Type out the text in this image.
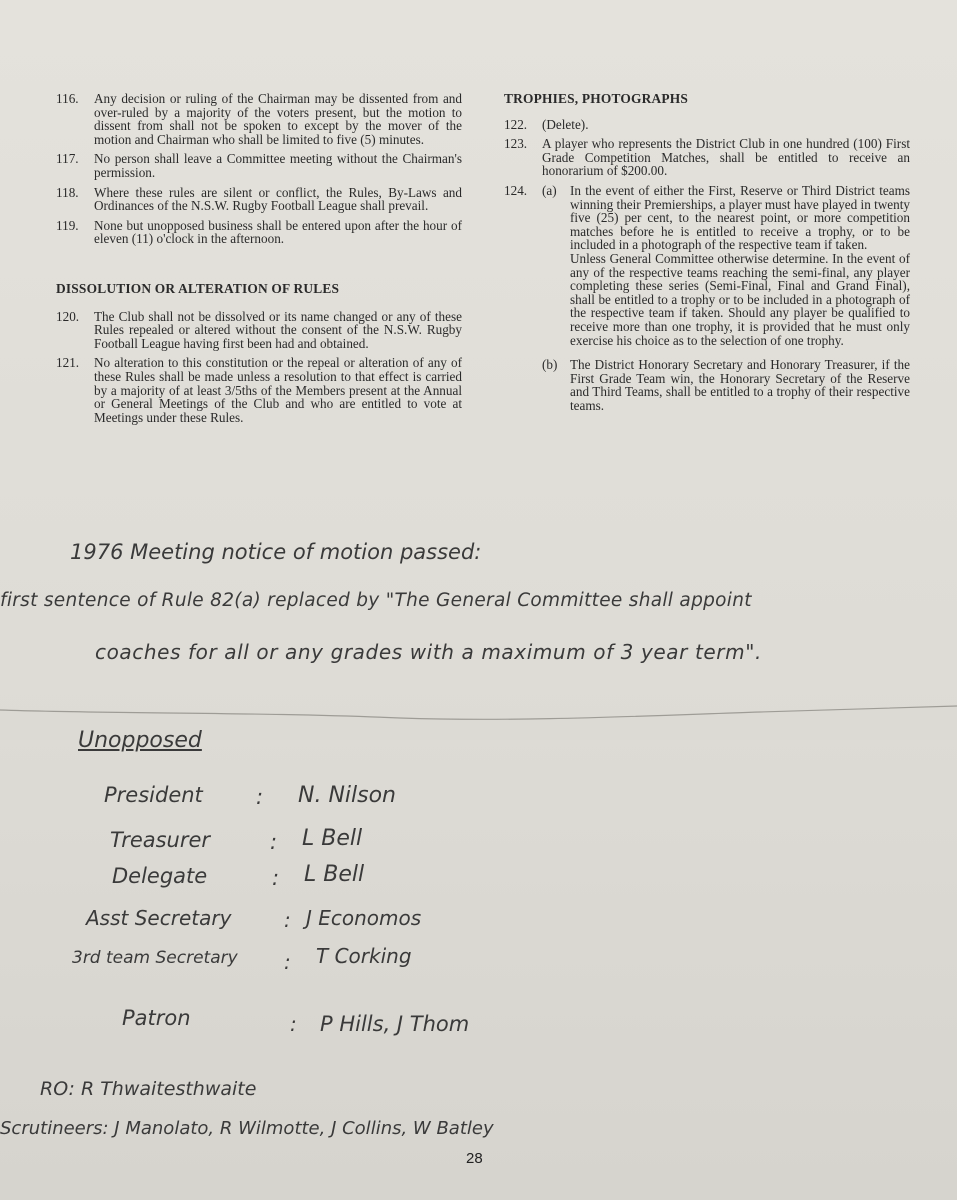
116.	Any decision or ruling of the Chairman may be dissented from and over-ruled by a majority of the voters present, but the motion to dissent from shall not be spoken to except by the mover of the motion and Chairman who shall be limited to five (5) minutes.
117.	No person shall leave a Committee meeting without the Chairman's permission.
118.	Where these rules are silent or conflict, the Rules, By-Laws and Ordinances of the N.S.W. Rugby Football League shall prevail.
119.	None but unopposed business shall be entered upon after the hour of eleven (11) o'clock in the afternoon.
DISSOLUTION OR ALTERATION OF RULES
120.	The Club shall not be dissolved or its name changed or any of these Rules repealed or altered without the consent of the N.S.W. Rugby Football League having first been had and obtained.
121.	No alteration to this constitution or the repeal or alteration of any of these Rules shall be made unless a resolution to that effect is carried by a majority of at least 3/5ths of the Members present at the Annual or General Meetings of the Club and who are entitled to vote at Meetings under these Rules.
TROPHIES, PHOTOGRAPHS
122.	(Delete).
123.	A player who represents the District Club in one hundred (100) First Grade Competition Matches, shall be entitled to receive an honorarium of $200.00.
124.	(a)	In the event of either the First, Reserve or Third District teams winning their Premierships, a player must have played in twenty five (25) per cent, to the nearest point, or more competition matches before he is entitled to receive a trophy, or to be included in a photograph of the respective team if taken.

Unless General Committee otherwise determine. In the event of any of the respective teams reaching the semi-final, any player completing these series (Semi-Final, Final and Grand Final), shall be entitled to a trophy or to be included in a photograph of the respective team if taken. Should any player be qualified to receive more than one trophy, it is provided that he must only exercise his choice as to the selection of one trophy.

(b) The District Honorary Secretary and Honorary Treasurer, if the First Grade Team win, the Honorary Secretary of the Reserve and Third Teams, shall be entitled to a trophy of their respective teams.
1976 Meeting notice of motion passed:
first sentence of Rule 82(a) replaced by "The General Committee shall appoint
coaches for all or any grades with a maximum of 3 year term".
Unopposed
President	: N. Nilson
Treasurer	: L Bell
Delegate	: L Bell
Asst Secretary	: J Economos
3rd team Secretary : T Corking
Patron	: P Hills, J Thom
RO: R Thwaitesthwaite
Scrutineers: J Manolato, R Wilmotte, J Collins, W Batley
28
